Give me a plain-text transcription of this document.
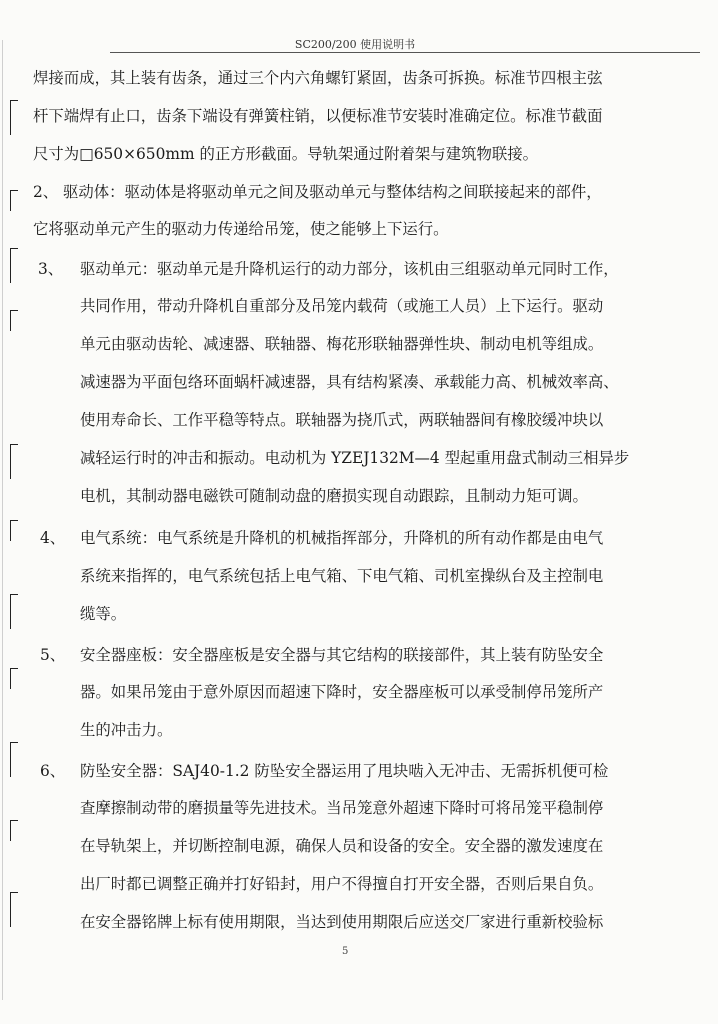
SC200/200 使用说明书
焊接而成，其上装有齿条，通过三个内六角螺钉紧固，齿条可拆换。标准节四根主弦
杆下端焊有止口，齿条下端设有弹簧柱销，以便标准节安装时准确定位。标准节截面
尺寸为□650×650mm 的正方形截面。导轨架通过附着架与建筑物联接。
2、 驱动体：驱动体是将驱动单元之间及驱动单元与整体结构之间联接起来的部件，
它将驱动单元产生的驱动力传递给吊笼，使之能够上下运行。
3、 驱动单元：驱动单元是升降机运行的动力部分，该机由三组驱动单元同时工作，
共同作用，带动升降机自重部分及吊笼内载荷（或施工人员）上下运行。驱动
单元由驱动齿轮、减速器、联轴器、梅花形联轴器弹性块、制动电机等组成。
减速器为平面包络环面蜗杆减速器，具有结构紧凑、承载能力高、机械效率高、
使用寿命长、工作平稳等特点。联轴器为挠爪式，两联轴器间有橡胶缓冲块以
减轻运行时的冲击和振动。电动机为 YZEJ132M—4 型起重用盘式制动三相异步
电机，其制动器电磁铁可随制动盘的磨损实现自动跟踪，且制动力矩可调。
4、 电气系统：电气系统是升降机的机械指挥部分，升降机的所有动作都是由电气
系统来指挥的，电气系统包括上电气箱、下电气箱、司机室操纵台及主控制电
缆等。
5、 安全器座板：安全器座板是安全器与其它结构的联接部件，其上装有防坠安全
器。如果吊笼由于意外原因而超速下降时，安全器座板可以承受制停吊笼所产
生的冲击力。
6、 防坠安全器：SAJ40-1.2 防坠安全器运用了甩块啮入无冲击、无需拆机便可检
查摩擦制动带的磨损量等先进技术。当吊笼意外超速下降时可将吊笼平稳制停
在导轨架上，并切断控制电源，确保人员和设备的安全。安全器的激发速度在
出厂时都已调整正确并打好铅封，用户不得擅自打开安全器，否则后果自负。
在安全器铭牌上标有使用期限，当达到使用期限后应送交厂家进行重新校验标
5
